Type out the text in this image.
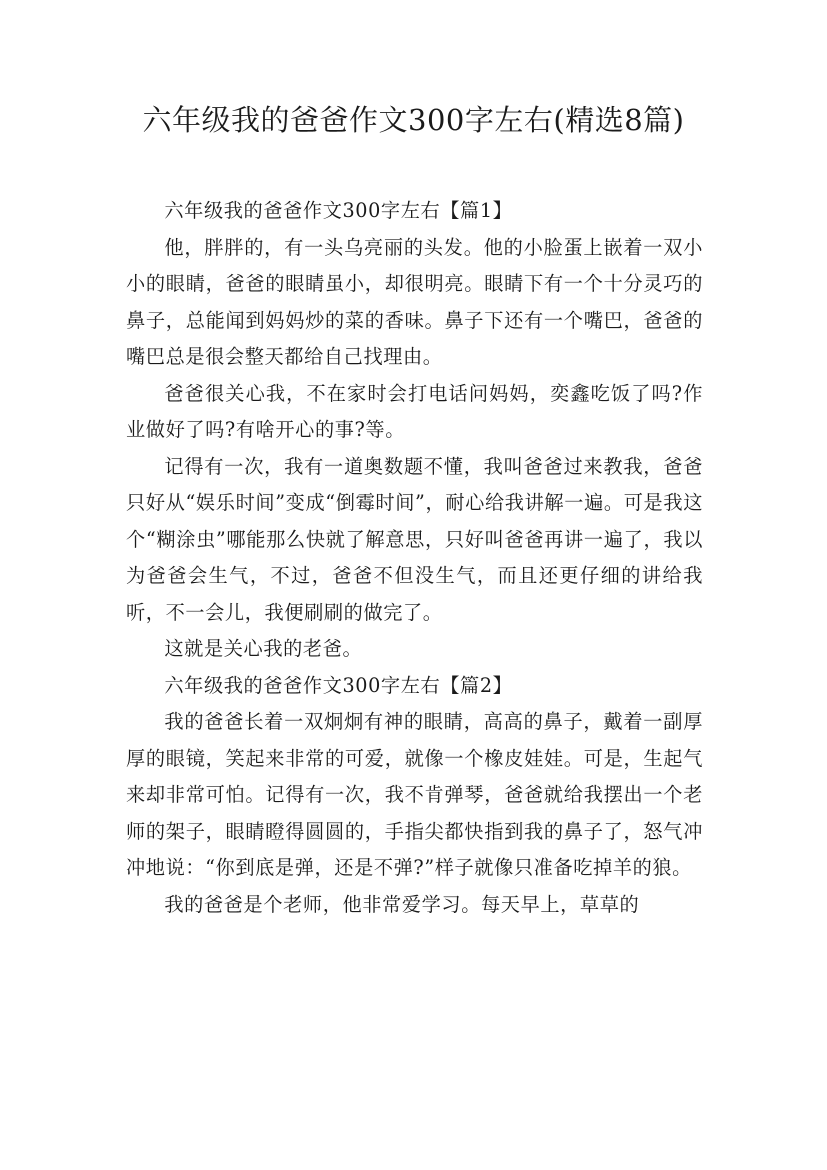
六年级我的爸爸作文300字左右(精选8篇)

六年级我的爸爸作文300字左右【篇1】

他，胖胖的，有一头乌亮丽的头发。他的小脸蛋上嵌着一双小小的眼睛，爸爸的眼睛虽小，却很明亮。眼睛下有一个十分灵巧的鼻子，总能闻到妈妈炒的菜的香味。鼻子下还有一个嘴巴，爸爸的嘴巴总是很会整天都给自己找理由。

爸爸很关心我，不在家时会打电话问妈妈，奕鑫吃饭了吗?作业做好了吗?有啥开心的事?等。

记得有一次，我有一道奥数题不懂，我叫爸爸过来教我，爸爸只好从“娱乐时间”变成“倒霉时间”，耐心给我讲解一遍。可是我这个“糊涂虫”哪能那么快就了解意思，只好叫爸爸再讲一遍了，我以为爸爸会生气，不过，爸爸不但没生气，而且还更仔细的讲给我听，不一会儿，我便刷刷的做完了。

这就是关心我的老爸。

六年级我的爸爸作文300字左右【篇2】

我的爸爸长着一双炯炯有神的眼睛，高高的鼻子，戴着一副厚厚的眼镜，笑起来非常的可爱，就像一个橡皮娃娃。可是，生起气来却非常可怕。记得有一次，我不肯弹琴，爸爸就给我摆出一个老师的架子，眼睛瞪得圆圆的，手指尖都快指到我的鼻子了，怒气冲冲地说：“你到底是弹，还是不弹?”样子就像只准备吃掉羊的狼。

我的爸爸是个老师，他非常爱学习。每天早上，草草的
